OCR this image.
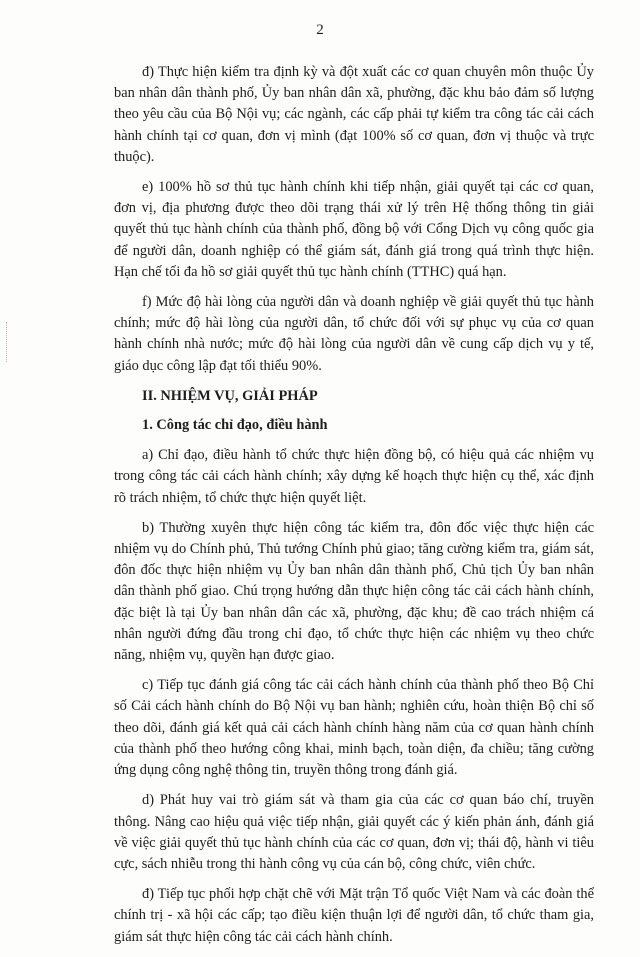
2

đ) Thực hiện kiểm tra định kỳ và đột xuất các cơ quan chuyên môn thuộc Ủy ban nhân dân thành phố, Ủy ban nhân dân xã, phường, đặc khu bảo đảm số lượng theo yêu cầu của Bộ Nội vụ; các ngành, các cấp phải tự kiểm tra công tác cải cách hành chính tại cơ quan, đơn vị mình (đạt 100% số cơ quan, đơn vị thuộc và trực thuộc).

e) 100% hồ sơ thủ tục hành chính khi tiếp nhận, giải quyết tại các cơ quan, đơn vị, địa phương được theo dõi trạng thái xử lý trên Hệ thống thông tin giải quyết thủ tục hành chính của thành phố, đồng bộ với Cổng Dịch vụ công quốc gia để người dân, doanh nghiệp có thể giám sát, đánh giá trong quá trình thực hiện. Hạn chế tối đa hồ sơ giải quyết thủ tục hành chính (TTHC) quá hạn.

f) Mức độ hài lòng của người dân và doanh nghiệp về giải quyết thủ tục hành chính; mức độ hài lòng của người dân, tổ chức đối với sự phục vụ của cơ quan hành chính nhà nước; mức độ hài lòng của người dân về cung cấp dịch vụ y tế, giáo dục công lập đạt tối thiểu 90%.

II. NHIỆM VỤ, GIẢI PHÁP

1. Công tác chỉ đạo, điều hành

a) Chỉ đạo, điều hành tổ chức thực hiện đồng bộ, có hiệu quả các nhiệm vụ trong công tác cải cách hành chính; xây dựng kế hoạch thực hiện cụ thể, xác định rõ trách nhiệm, tổ chức thực hiện quyết liệt.

b) Thường xuyên thực hiện công tác kiểm tra, đôn đốc việc thực hiện các nhiệm vụ do Chính phủ, Thủ tướng Chính phủ giao; tăng cường kiểm tra, giám sát, đôn đốc thực hiện nhiệm vụ Ủy ban nhân dân thành phố, Chủ tịch Ủy ban nhân dân thành phố giao. Chú trọng hướng dẫn thực hiện công tác cải cách hành chính, đặc biệt là tại Ủy ban nhân dân các xã, phường, đặc khu; đề cao trách nhiệm cá nhân người đứng đầu trong chỉ đạo, tổ chức thực hiện các nhiệm vụ theo chức năng, nhiệm vụ, quyền hạn được giao.

c) Tiếp tục đánh giá công tác cải cách hành chính của thành phố theo Bộ Chỉ số Cải cách hành chính do Bộ Nội vụ ban hành; nghiên cứu, hoàn thiện Bộ chỉ số theo dõi, đánh giá kết quả cải cách hành chính hàng năm của cơ quan hành chính của thành phố theo hướng công khai, minh bạch, toàn diện, đa chiều; tăng cường ứng dụng công nghệ thông tin, truyền thông trong đánh giá.

d) Phát huy vai trò giám sát và tham gia của các cơ quan báo chí, truyền thông. Nâng cao hiệu quả việc tiếp nhận, giải quyết các ý kiến phản ánh, đánh giá về việc giải quyết thủ tục hành chính của các cơ quan, đơn vị; thái độ, hành vi tiêu cực, sách nhiễu trong thi hành công vụ của cán bộ, công chức, viên chức.

đ) Tiếp tục phối hợp chặt chẽ với Mặt trận Tổ quốc Việt Nam và các đoàn thể chính trị - xã hội các cấp; tạo điều kiện thuận lợi để người dân, tổ chức tham gia, giám sát thực hiện công tác cải cách hành chính.
